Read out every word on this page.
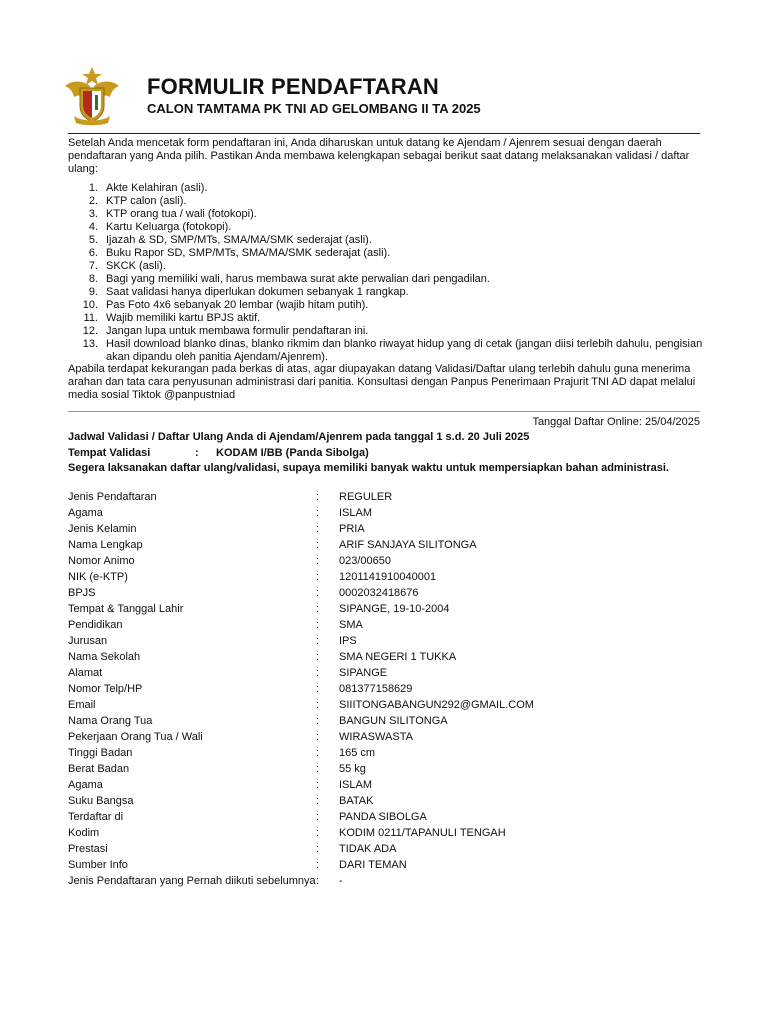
FORMULIR PENDAFTARAN
CALON TAMTAMA PK TNI AD GELOMBANG II TA 2025
Setelah Anda mencetak form pendaftaran ini, Anda diharuskan untuk datang ke Ajendam / Ajenrem sesuai dengan daerah pendaftaran yang Anda pilih. Pastikan Anda membawa kelengkapan sebagai berikut saat datang melaksanakan validasi / daftar ulang:
1. Akte Kelahiran (asli).
2. KTP calon (asli).
3. KTP orang tua / wali (fotokopi).
4. Kartu Keluarga (fotokopi).
5. Ijazah & SD, SMP/MTs, SMA/MA/SMK sederajat (asli).
6. Buku Rapor SD, SMP/MTs, SMA/MA/SMK sederajat (asli).
7. SKCK (asli).
8. Bagi yang memiliki wali, harus membawa surat akte perwalian dari pengadilan.
9. Saat validasi hanya diperlukan dokumen sebanyak 1 rangkap.
10. Pas Foto 4x6 sebanyak 20 lembar (wajib hitam putih).
11. Wajib memiliki kartu BPJS aktif.
12. Jangan lupa untuk membawa formulir pendaftaran ini.
13. Hasil download blanko dinas, blanko rikmim dan blanko riwayat hidup yang di cetak (jangan diisi terlebih dahulu, pengisian akan dipandu oleh panitia Ajendam/Ajenrem).
Apabila terdapat kekurangan pada berkas di atas, agar diupayakan datang Validasi/Daftar ulang terlebih dahulu guna menerima arahan dan tata cara penyusunan administrasi dari panitia. Konsultasi dengan Panpus Penerimaan Prajurit TNI AD dapat melalui media sosial Tiktok @panpustniad
Tanggal Daftar Online: 25/04/2025
Jadwal Validasi / Daftar Ulang Anda di Ajendam/Ajenrem pada tanggal 1 s.d. 20 Juli 2025
Tempat Validasi	: KODAM I/BB (Panda Sibolga)
Segera laksanakan daftar ulang/validasi, supaya memiliki banyak waktu untuk mempersiapkan bahan administrasi.
Jenis Pendaftaran	: REGULER
Agama	: ISLAM
Jenis Kelamin	: PRIA
Nama Lengkap	: ARIF SANJAYA SILITONGA
Nomor Animo	: 023/00650
NIK (e-KTP)	: 1201141910040001
BPJS	: 0002032418676
Tempat & Tanggal Lahir	: SIPANGE, 19-10-2004
Pendidikan	: SMA
Jurusan	: IPS
Nama Sekolah	: SMA NEGERI 1 TUKKA
Alamat	: SIPANGE
Nomor Telp/HP	: 081377158629
Email	: SIIITONGABANGUN292@GMAIL.COM
Nama Orang Tua	: BANGUN SILITONGA
Pekerjaan Orang Tua / Wali	: WIRASWASTA
Tinggi Badan	: 165 cm
Berat Badan	: 55 kg
Agama	: ISLAM
Suku Bangsa	: BATAK
Terdaftar di	: PANDA SIBOLGA
Kodim	: KODIM 0211/TAPANULI TENGAH
Prestasi	: TIDAK ADA
Sumber Info	: DARI TEMAN
Jenis Pendaftaran yang Pernah diikuti sebelumnya : -
